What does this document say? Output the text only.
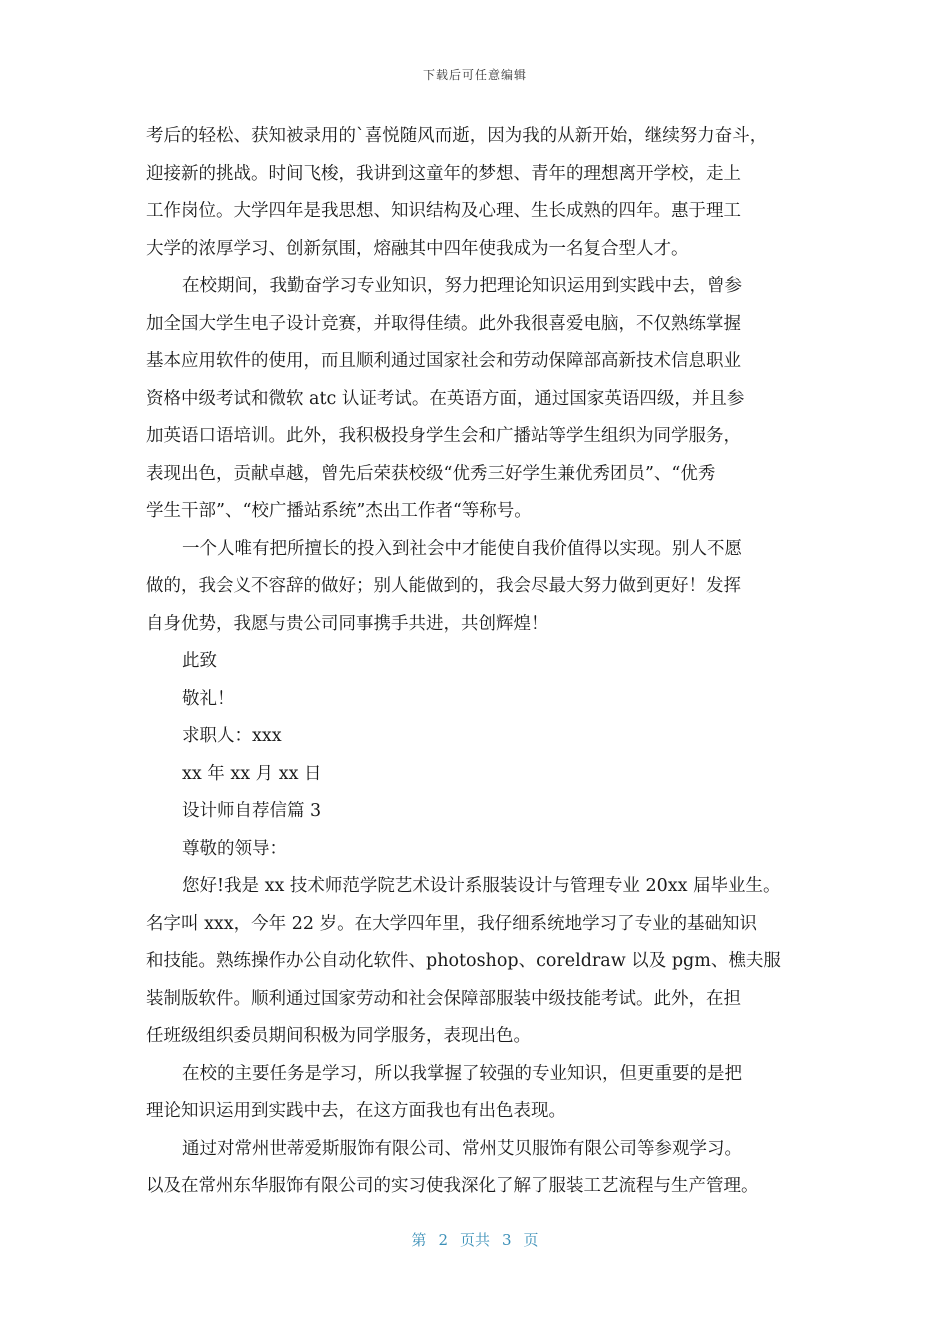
下载后可任意编辑
考后的轻松、获知被录用的`喜悦随风而逝，因为我的从新开始，继续努力奋斗，
迎接新的挑战。时间飞梭，我讲到这童年的梦想、青年的理想离开学校，走上
工作岗位。大学四年是我思想、知识结构及心理、生长成熟的四年。惠于理工
大学的浓厚学习、创新氛围，熔融其中四年使我成为一名复合型人才。
在校期间，我勤奋学习专业知识，努力把理论知识运用到实践中去，曾参
加全国大学生电子设计竞赛，并取得佳绩。此外我很喜爱电脑，不仅熟练掌握
基本应用软件的使用，而且顺利通过国家社会和劳动保障部高新技术信息职业
资格中级考试和微软 atc 认证考试。在英语方面，通过国家英语四级，并且参
加英语口语培训。此外，我积极投身学生会和广播站等学生组织为同学服务，
表现出色，贡献卓越，曾先后荣获校级“优秀三好学生兼优秀团员”、“优秀
学生干部”、“校广播站系统”杰出工作者“等称号。
一个人唯有把所擅长的投入到社会中才能使自我价值得以实现。别人不愿
做的，我会义不容辞的做好；别人能做到的，我会尽最大努力做到更好！发挥
自身优势，我愿与贵公司同事携手共进，共创辉煌！
此致
敬礼！
求职人：xxx
xx 年 xx 月 xx 日
设计师自荐信篇 3
尊敬的领导：
您好!我是 xx 技术师范学院艺术设计系服装设计与管理专业 20xx 届毕业生。
名字叫 xxx，今年 22 岁。在大学四年里，我仔细系统地学习了专业的基础知识
和技能。熟练操作办公自动化软件、photoshop、coreldraw 以及 pgm、樵夫服
装制版软件。顺利通过国家劳动和社会保障部服装中级技能考试。此外，在担
任班级组织委员期间积极为同学服务，表现出色。
在校的主要任务是学习，所以我掌握了较强的专业知识，但更重要的是把
理论知识运用到实践中去，在这方面我也有出色表现。
通过对常州世蒂爱斯服饰有限公司、常州艾贝服饰有限公司等参观学习。
以及在常州东华服饰有限公司的实习使我深化了解了服装工艺流程与生产管理。
第 2 页共 3 页
